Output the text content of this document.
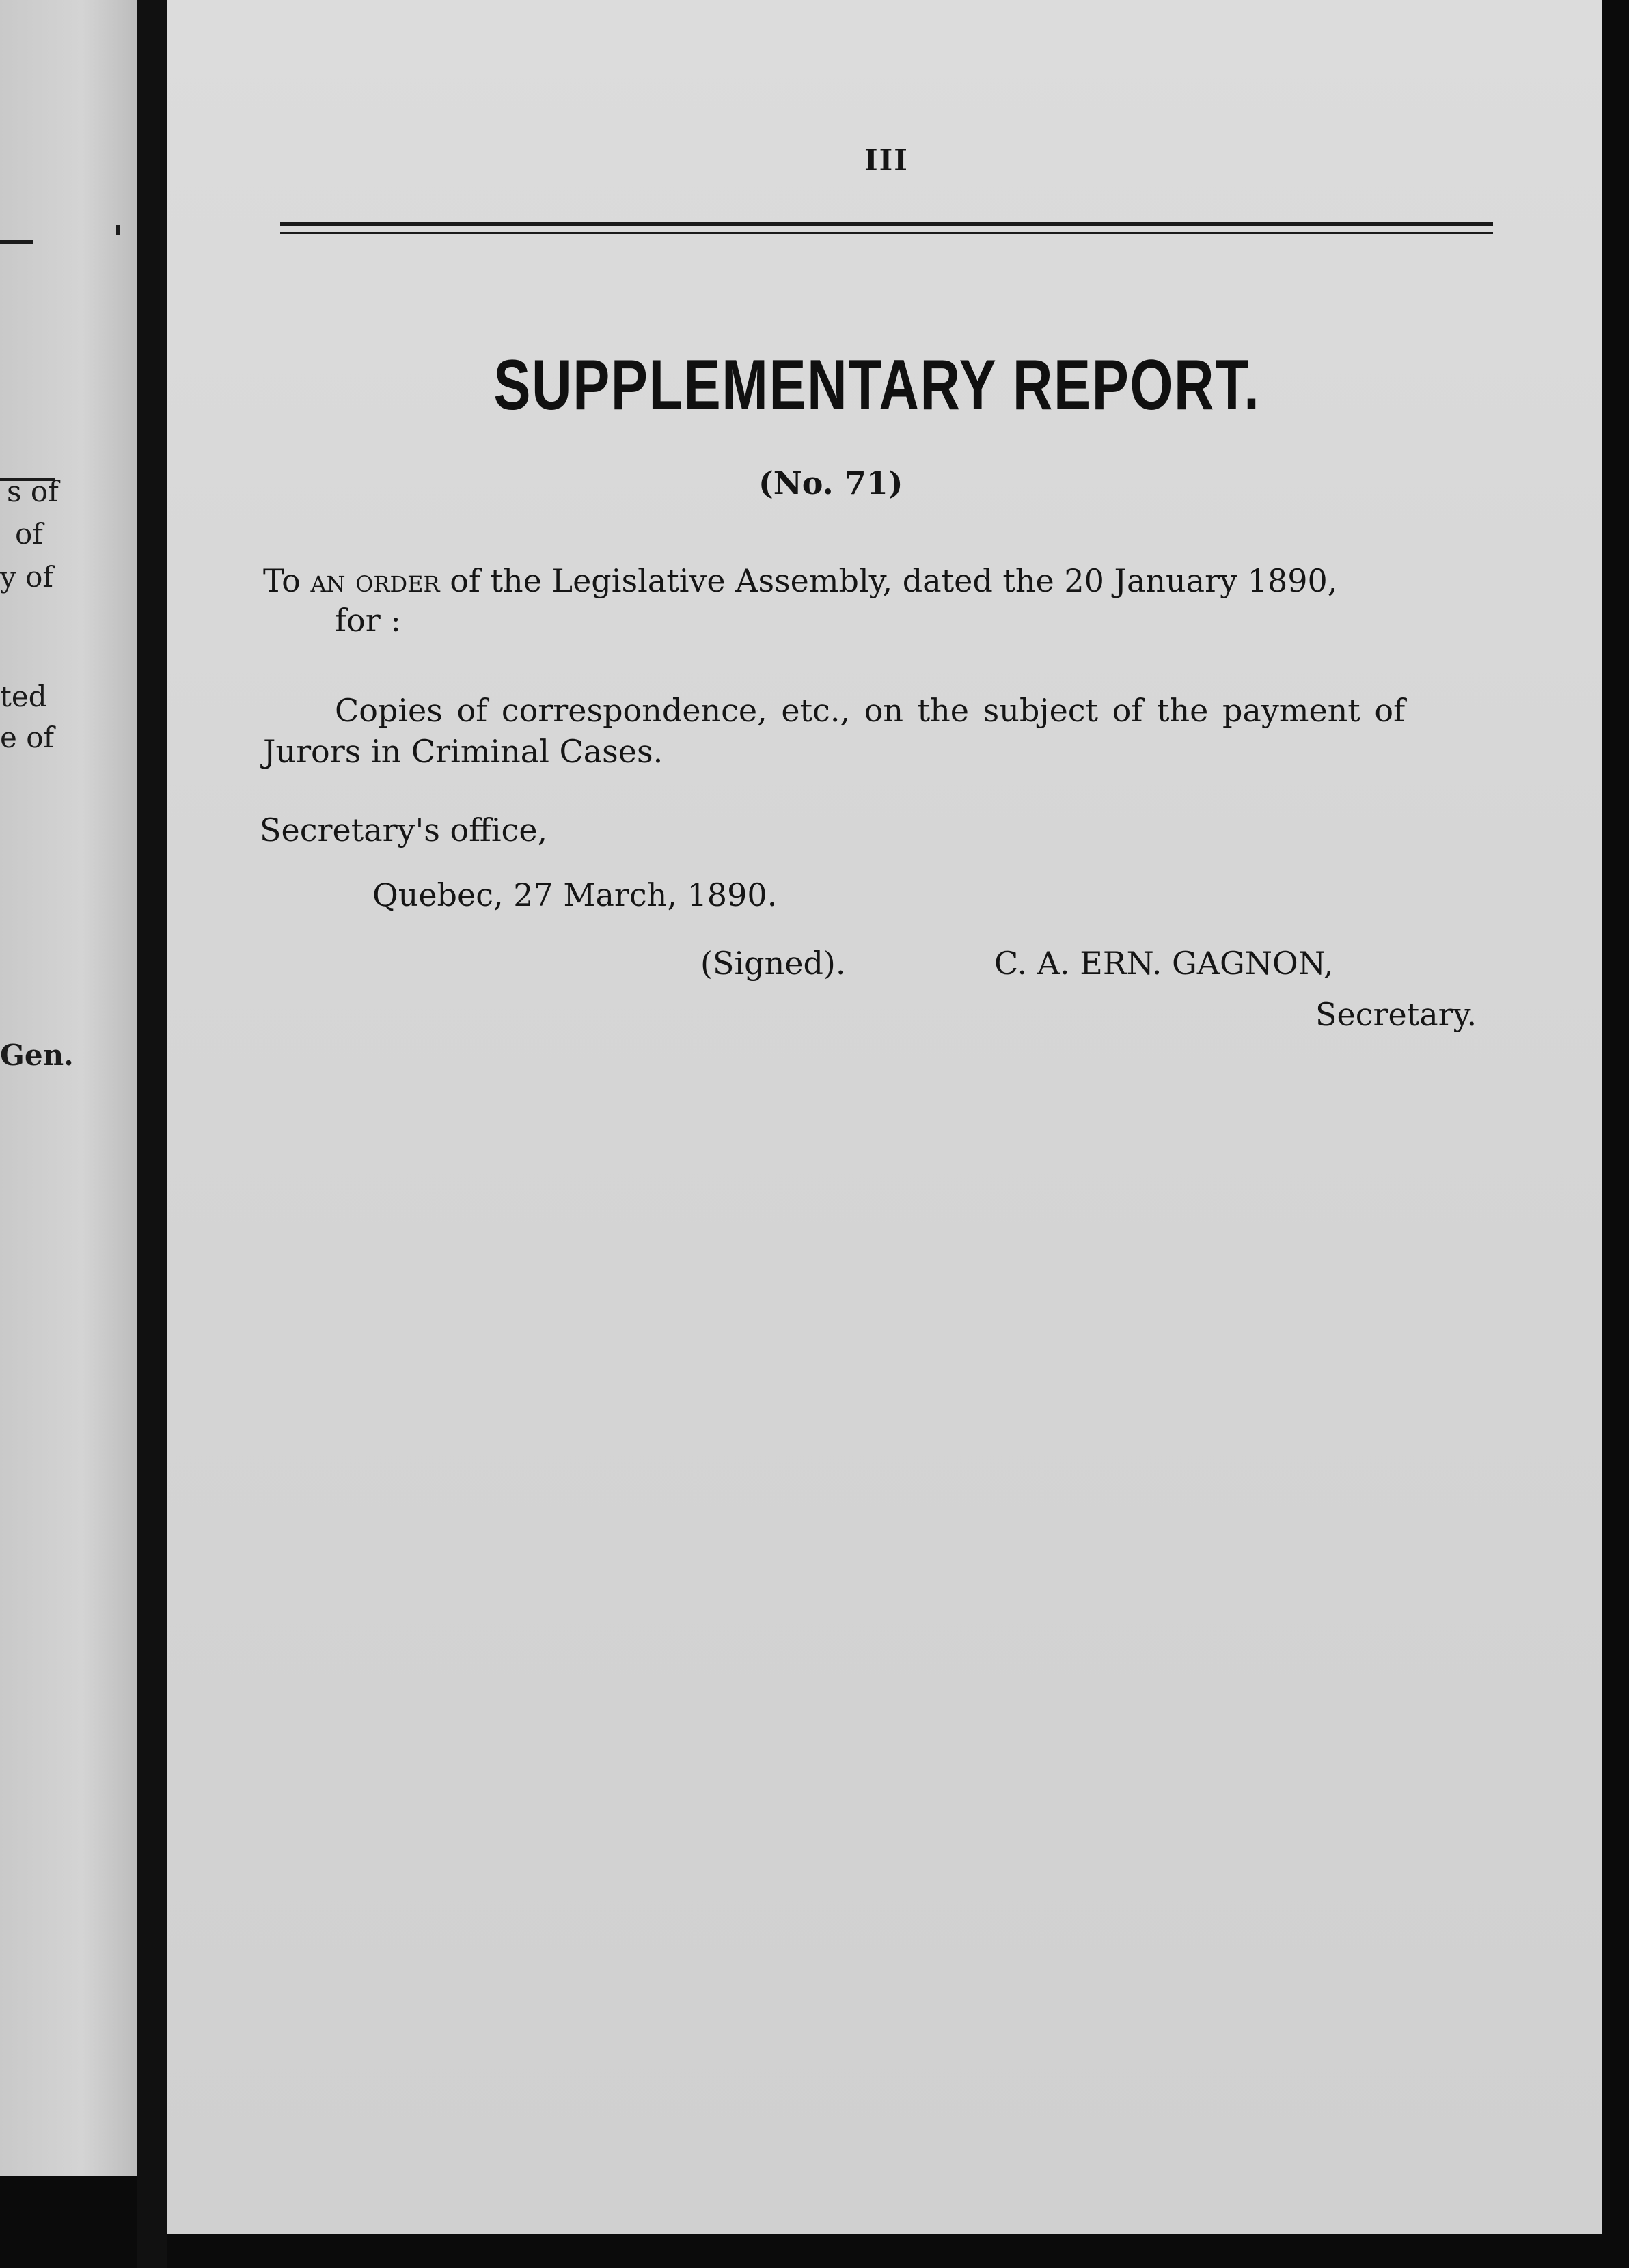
s of
of
y of
ted
e of
Gen.
III
SUPPLEMENTARY REPORT.
(No. 71)
To an order of the Legislative Assembly, dated the 20 January 1890,
for :
Copies of correspondence, etc., on the subject of the payment of
Jurors in Criminal Cases.
Secretary's office,
Quebec, 27 March, 1890.
(Signed).	C. A. ERN. GAGNON,
Secretary.
